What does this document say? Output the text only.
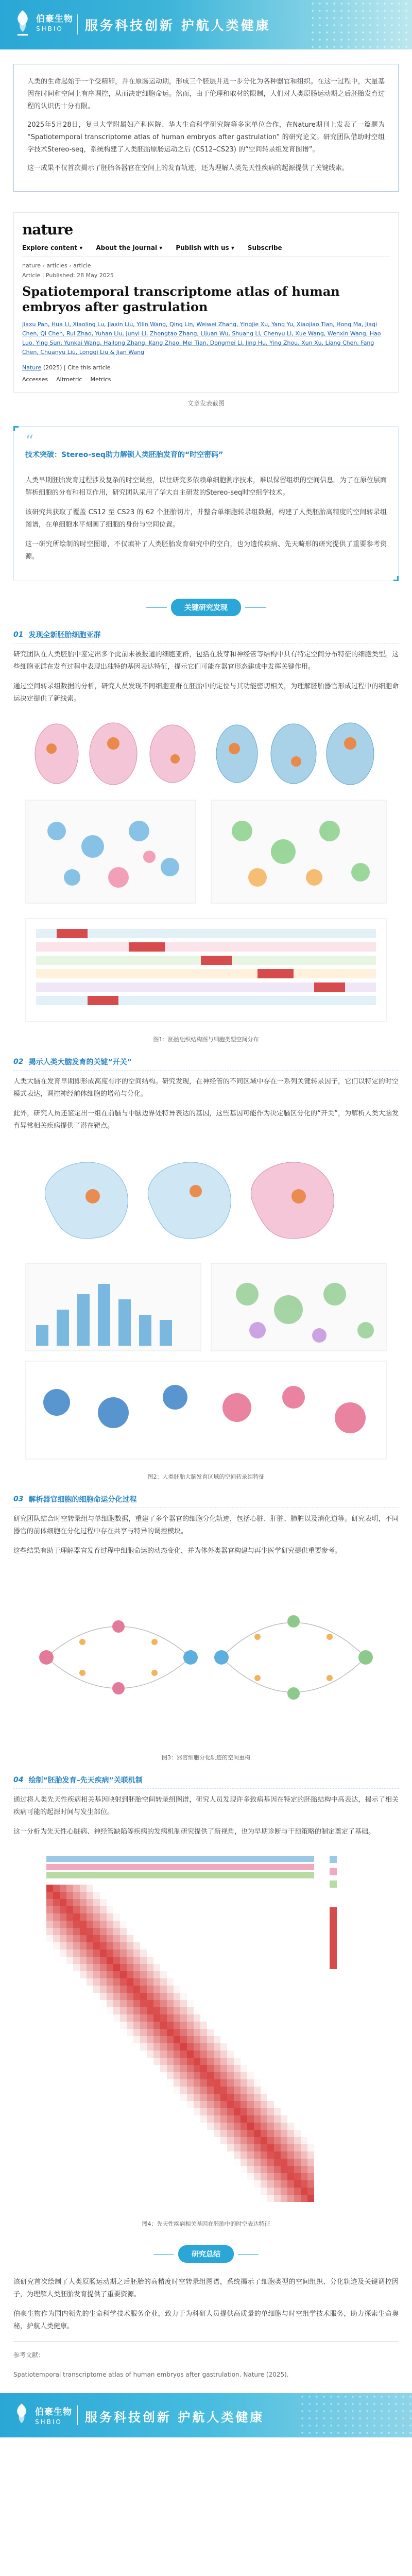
伯豪生物
SHBIO	服务科技创新 护航人类健康

人类的生命起始于一个受精卵，并在原肠运动期，形成三个胚层并进一步分化为各种器官和组织。在这一过程中，大量基因在时间和空间上有序调控，从而决定细胞命运。然而，由于伦理和取材的限制，人们对人类原肠运动期之后胚胎发育过程的认识仍十分有限。

2025年5月28日，复旦大学附属妇产科医院、华大生命科学研究院等多家单位合作，在Nature期刊上发表了一篇题为 “Spatiotemporal transcriptome atlas of human embryos after gastrulation” 的研究论文。研究团队借助时空组学技术Stereo-seq，系统构建了人类胚胎原肠运动之后 (CS12–CS23) 的“空间转录组发育图谱”。

这一成果不仅首次揭示了胚胎各器官在空间上的发育轨迹，还为理解人类先天性疾病的起源提供了关键线索。

nature
Explore content ▾ About the journal ▾ Publish with us ▾ Subscribe
nature › articles › article
Article | Published: 28 May 2025
Spatiotemporal transcriptome atlas of human embryos after gastrulation
Jiaxu Pan, Hua Li, Xiaoling Lu, Jiaxin Liu, Yilin Wang, Qing Lin, Weiwei Zhang, Yingjie Xu, Yang Yu, Xiaojiao Tian, Hong Ma, Jiaqi Chen, Qi Chen, Rui Zhao, Yuhan Liu, Junyi Li, Zhongtao Zhang, Lijuan Wu, Shuang Li, Chenyu Li, Xue Wang, Wenxin Wang, Hao Luo, Ying Sun, Yunkai Wang, Hailong Zhang, Kang Zhao, Mei Tian, Dongmei Li, Jing Hu, Ying Zhou, Xun Xu, Liang Chen, Fang Chen, Chuanyu Liu, Longqi Liu & Jian Wang
Nature (2025) | Cite this article
Accesses Altmetric Metrics
文章发表截图
“
技术突破：Stereo-seq助力解锁人类胚胎发育的“时空密码”

人类早期胚胎发育过程涉及复杂的时空调控，以往研究多依赖单细胞测序技术，难以保留组织的空间信息。为了在原位层面解析细胞的分布和相互作用，研究团队采用了华大自主研发的Stereo-seq时空组学技术。

该研究共获取了覆盖 CS12 至 CS23 的 62 个胚胎切片，并整合单细胞转录组数据，构建了人类胚胎高精度的空间转录组图谱，在单细胞水平刻画了细胞的身份与空间位置。

这一研究所绘制的时空图谱，不仅填补了人类胚胎发育研究中的空白，也为遗传疾病、先天畸形的研究提供了重要参考资源。

关键研究发现
01 发现全新胚胎细胞亚群

研究团队在人类胚胎中鉴定出多个此前未被报道的细胞亚群，包括在肢芽和神经管等结构中具有特定空间分布特征的细胞类型。这些细胞亚群在发育过程中表现出独特的基因表达特征，提示它们可能在器官形态建成中发挥关键作用。

通过空间转录组数据的分析，研究人员发现不同细胞亚群在胚胎中的定位与其功能密切相关，为理解胚胎器官形成过程中的细胞命运决定提供了新线索。

图1：胚胎组织结构图与细胞类型空间分布
02 揭示人类大脑发育的关键“开关”

人类大脑在发育早期即形成高度有序的空间结构。研究发现，在神经管的不同区域中存在一系列关键转录因子，它们以特定的时空模式表达，调控神经前体细胞的增殖与分化。

此外，研究人员还鉴定出一组在前脑与中脑边界处特异表达的基因，这些基因可能作为决定脑区分化的“开关”，为解析人类大脑发育异常相关疾病提供了潜在靶点。

图2：人类胚胎大脑发育区域的空间转录组特征
03 解析器官细胞的细胞命运分化过程

研究团队结合时空转录组与单细胞数据，重建了多个器官的细胞分化轨迹，包括心脏、肝脏、肺脏以及消化道等。研究表明，不同器官的前体细胞在分化过程中存在共享与特异的调控模块。

这些结果有助于理解器官发育过程中细胞命运的动态变化，并为体外类器官构建与再生医学研究提供重要参考。

图3：器官细胞分化轨迹的空间重构
04 绘制“胚胎发育–先天疾病”关联机制

通过将人类先天性疾病相关基因映射到胚胎空间转录组图谱，研究人员发现许多致病基因在特定的胚胎结构中高表达，揭示了相关疾病可能的起源时间与发生部位。

这一分析为先天性心脏病、神经管缺陷等疾病的发病机制研究提供了新视角，也为早期诊断与干预策略的制定奠定了基础。

图4：先天性疾病相关基因在胚胎中的时空表达特征
研究总结

该研究首次绘制了人类原肠运动期之后胚胎的高精度时空转录组图谱，系统揭示了细胞类型的空间组织、分化轨迹及关键调控因子，为理解人类胚胎发育提供了重要资源。

伯豪生物作为国内领先的生命科学技术服务企业，致力于为科研人员提供高质量的单细胞与时空组学技术服务，助力探索生命奥秘，护航人类健康。

参考文献：

Spatiotemporal transcriptome atlas of human embryos after gastrulation. Nature (2025).

伯豪生物
SHBIO	服务科技创新 护航人类健康
